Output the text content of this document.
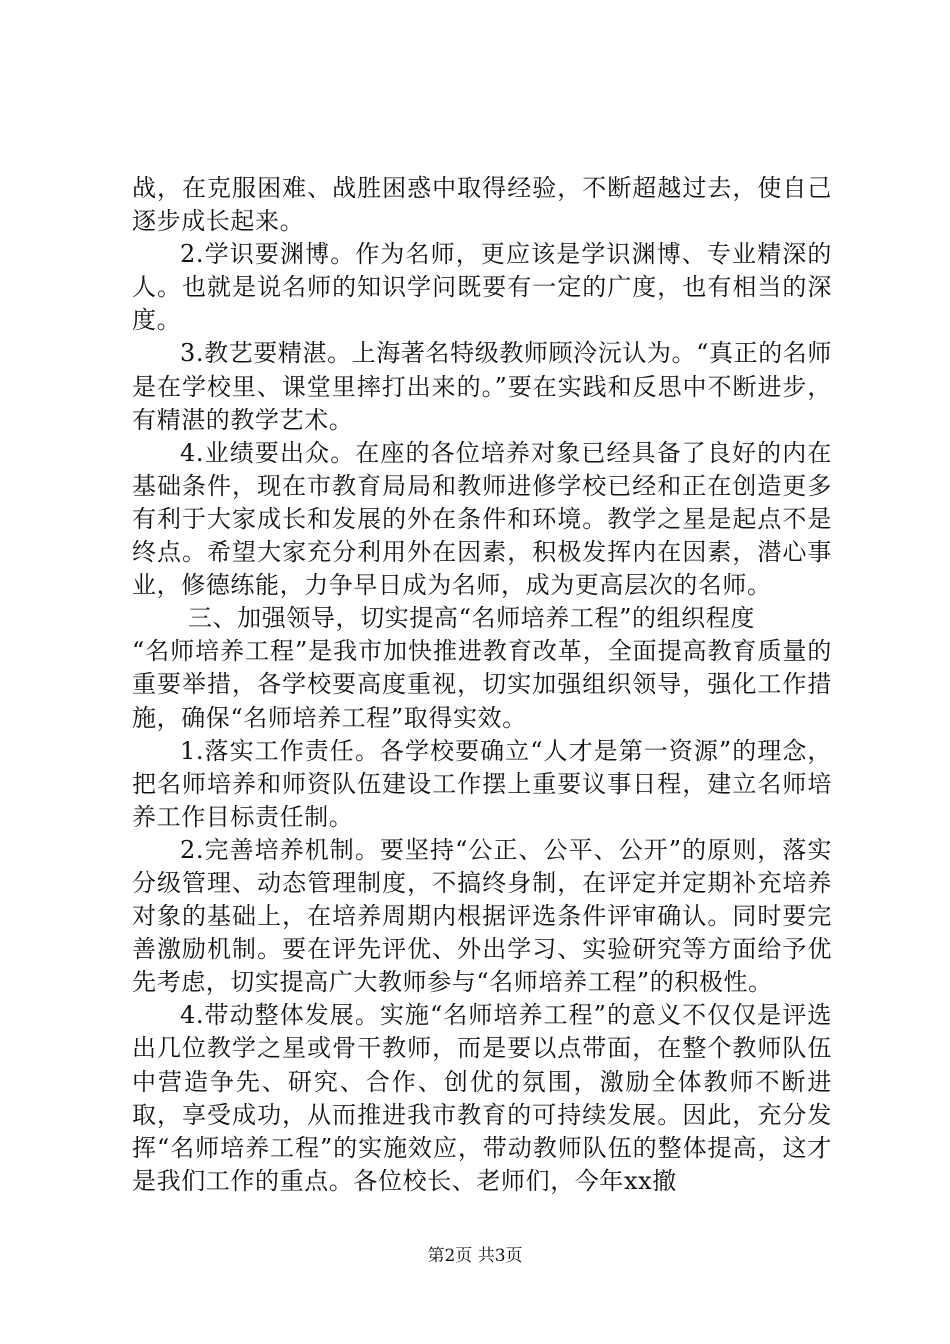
战，在克服困难、战胜困惑中取得经验，不断超越过去，使自己逐步成长起来。

2.学识要渊博。作为名师，更应该是学识渊博、专业精深的人。也就是说名师的知识学问既要有一定的广度，也有相当的深度。

3.教艺要精湛。上海著名特级教师顾泠沅认为。“真正的名师是在学校里、课堂里摔打出来的。”要在实践和反思中不断进步，有精湛的教学艺术。

4.业绩要出众。在座的各位培养对象已经具备了良好的内在基础条件，现在市教育局局和教师进修学校已经和正在创造更多有利于大家成长和发展的外在条件和环境。教学之星是起点不是终点。希望大家充分利用外在因素，积极发挥内在因素，潜心事业，修德练能，力争早日成为名师，成为更高层次的名师。

三、加强领导，切实提高“名师培养工程”的组织程度

“名师培养工程”是我市加快推进教育改革，全面提高教育质量的重要举措，各学校要高度重视，切实加强组织领导，强化工作措施，确保“名师培养工程”取得实效。

1.落实工作责任。各学校要确立“人才是第一资源”的理念，把名师培养和师资队伍建设工作摆上重要议事日程，建立名师培养工作目标责任制。

2.完善培养机制。要坚持“公正、公平、公开”的原则，落实分级管理、动态管理制度，不搞终身制，在评定并定期补充培养对象的基础上，在培养周期内根据评选条件评审确认。同时要完善激励机制。要在评先评优、外出学习、实验研究等方面给予优先考虑，切实提高广大教师参与“名师培养工程”的积极性。

4.带动整体发展。实施“名师培养工程”的意义不仅仅是评选出几位教学之星或骨干教师，而是要以点带面，在整个教师队伍中营造争先、研究、合作、创优的氛围，激励全体教师不断进取，享受成功，从而推进我市教育的可持续发展。因此，充分发挥“名师培养工程”的实施效应，带动教师队伍的整体提高，这才是我们工作的重点。各位校长、老师们，今年xx撤

第2页 共3页
